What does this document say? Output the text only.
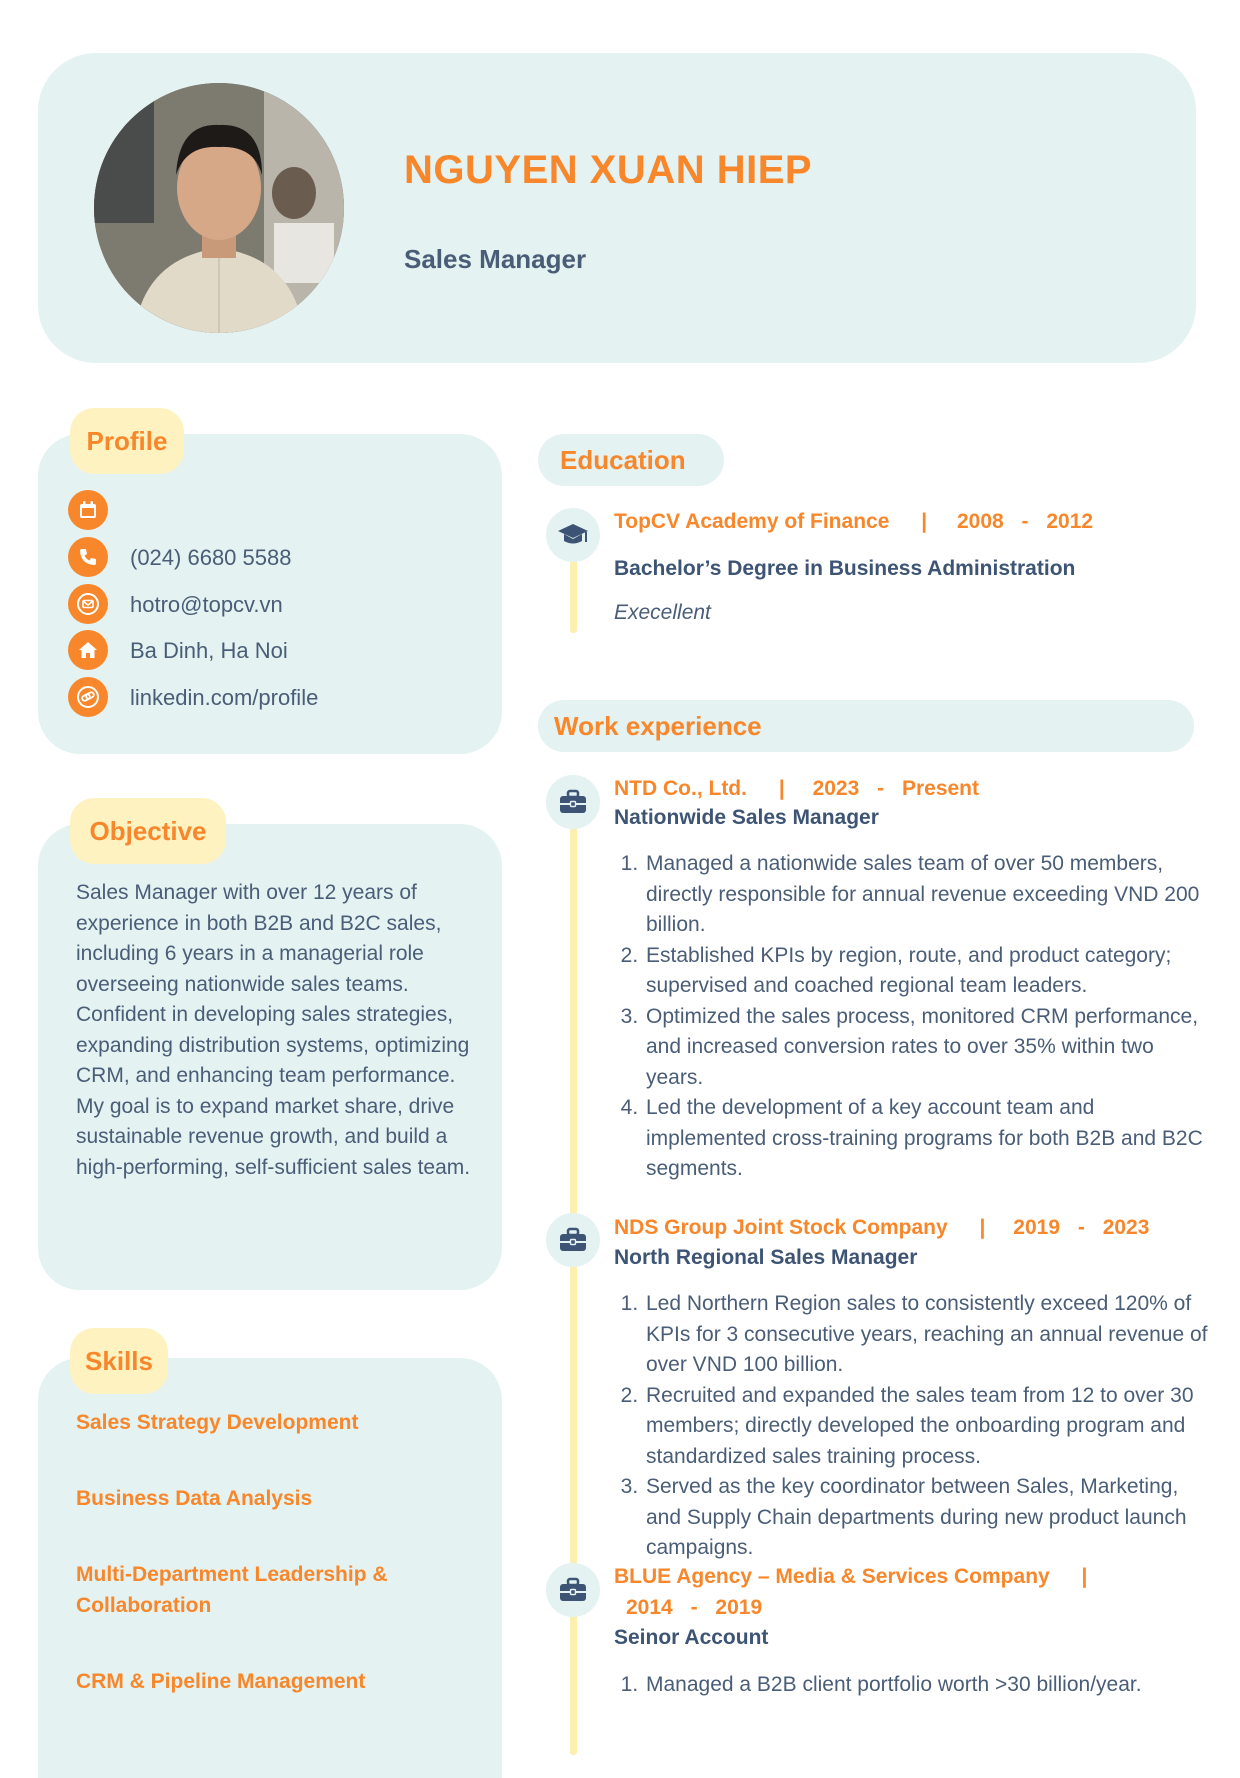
NGUYEN XUAN HIEP
Sales Manager
Profile
(024) 6680 5588
hotro@topcv.vn
Ba Dinh, Ha Noi
linkedin.com/profile
Objective
Sales Manager with over 12 years of experience in both B2B and B2C sales, including 6 years in a managerial role overseeing nationwide sales teams. Confident in developing sales strategies, expanding distribution systems, optimizing CRM, and enhancing team performance. My goal is to expand market share, drive sustainable revenue growth, and build a high-performing, self-sufficient sales team.
Skills
Sales Strategy Development
Business Data Analysis
Multi-Department Leadership & Collaboration
CRM & Pipeline Management
Education
TopCV Academy of Finance | 2008 - 2012
Bachelor’s Degree in Business Administration
Execellent
Work experience
NTD Co., Ltd. | 2023 - Present
Nationwide Sales Manager
1. Managed a nationwide sales team of over 50 members, directly responsible for annual revenue exceeding VND 200 billion.
2. Established KPIs by region, route, and product category; supervised and coached regional team leaders.
3. Optimized the sales process, monitored CRM performance, and increased conversion rates to over 35% within two years.
4. Led the development of a key account team and implemented cross-training programs for both B2B and B2C segments.
NDS Group Joint Stock Company | 2019 - 2023
North Regional Sales Manager
1. Led Northern Region sales to consistently exceed 120% of KPIs for 3 consecutive years, reaching an annual revenue of over VND 100 billion.
2. Recruited and expanded the sales team from 12 to over 30 members; directly developed the onboarding program and standardized sales training process.
3. Served as the key coordinator between Sales, Marketing, and Supply Chain departments during new product launch campaigns.
BLUE Agency – Media & Services Company |
2014 - 2019
Seinor Account
1. Managed a B2B client portfolio worth >30 billion/year.
